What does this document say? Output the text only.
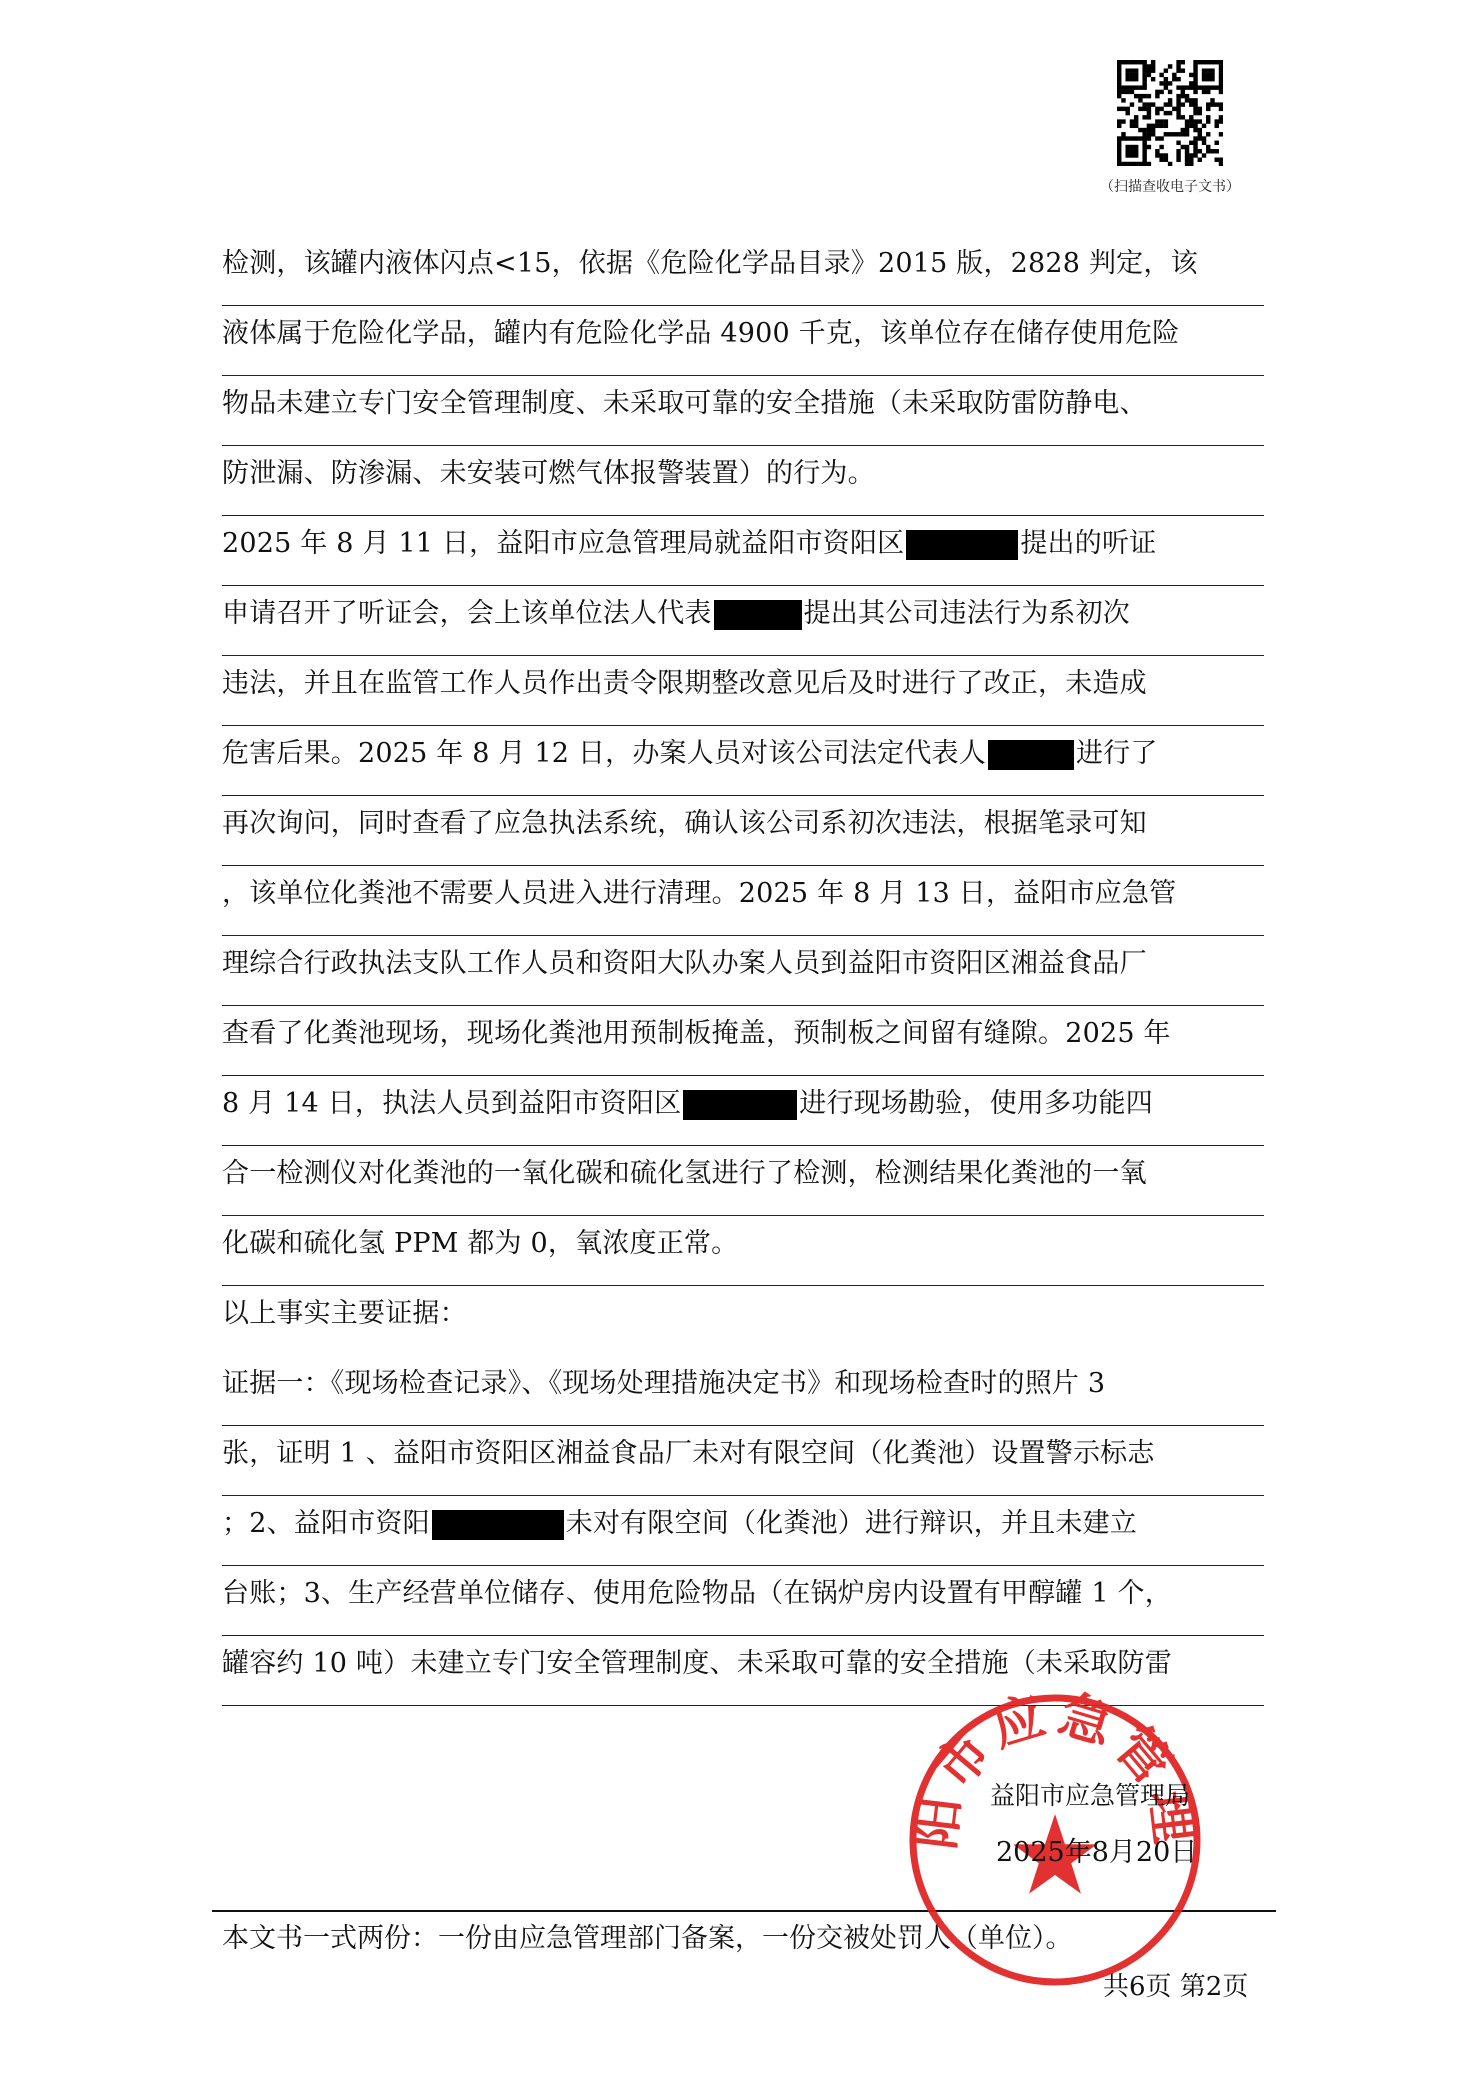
（扫描查收电子文书）
检测，该罐内液体闪点<15，依据《危险化学品目录》2015 版，2828 判定，该
液体属于危险化学品，罐内有危险化学品 4900 千克，该单位存在储存使用危险
物品未建立专门安全管理制度、未采取可靠的安全措施（未采取防雷防静电、
防泄漏、防渗漏、未安装可燃气体报警装置）的行为。
2025 年 8 月 11 日，益阳市应急管理局就益阳市资阳区	提出的听证
申请召开了听证会，会上该单位法人代表	提出其公司违法行为系初次
违法，并且在监管工作人员作出责令限期整改意见后及时进行了改正，未造成
危害后果。2025 年 8 月 12 日，办案人员对该公司法定代表人	进行了
再次询问，同时查看了应急执法系统，确认该公司系初次违法，根据笔录可知
，该单位化粪池不需要人员进入进行清理。2025 年 8 月 13 日，益阳市应急管
理综合行政执法支队工作人员和资阳大队办案人员到益阳市资阳区湘益食品厂
查看了化粪池现场，现场化粪池用预制板掩盖，预制板之间留有缝隙。2025 年
8 月 14 日，执法人员到益阳市资阳区	进行现场勘验，使用多功能四
合一检测仪对化粪池的一氧化碳和硫化氢进行了检测，检测结果化粪池的一氧
化碳和硫化氢 PPM 都为 0，氧浓度正常。
以上事实主要证据：
证据一：《现场检查记录》、《现场处理措施决定书》和现场检查时的照片 3
张，证明 1 、益阳市资阳区湘益食品厂未对有限空间（化粪池）设置警示标志
；2、益阳市资阳	未对有限空间（化粪池）进行辩识，并且未建立
台账；3、生产经营单位储存、使用危险物品（在锅炉房内设置有甲醇罐 1 个，
罐容约 10 吨）未建立专门安全管理制度、未采取可靠的安全措施（未采取防雷
阳市应急管理
益阳市应急管理局
2025年8月20日
本文书一式两份：一份由应急管理部门备案，一份交被处罚人（单位）。
共6页 第2页
